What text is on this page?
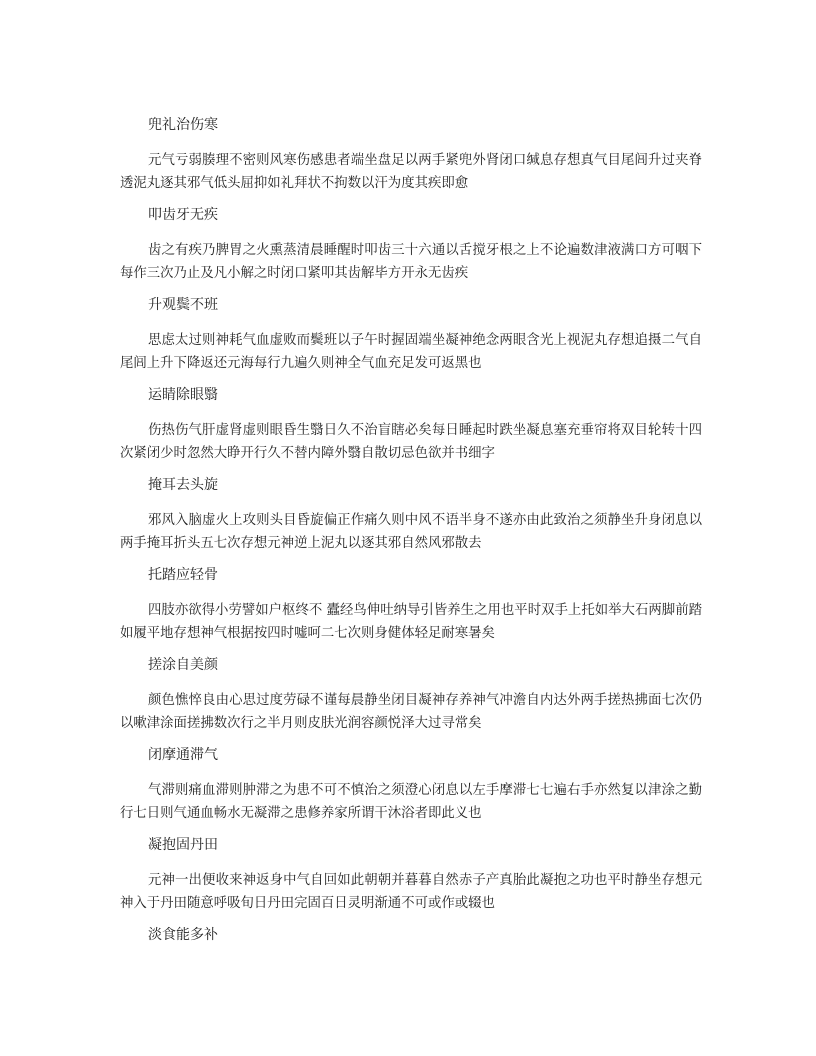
兜礼治伤寒

元气亏弱腠理不密则风寒伤感患者端坐盘足以两手紧兜外肾闭口缄息存想真气目尾闾升过夹脊透泥丸逐其邪气低头屈抑如礼拜状不拘数以汗为度其疾即愈

叩齿牙无疾

齿之有疾乃脾胃之火熏蒸清晨睡醒时叩齿三十六通以舌搅牙根之上不论遍数津液满口方可咽下每作三次乃止及凡小解之时闭口紧叩其齿解毕方开永无齿疾

升观鬓不班

思虑太过则神耗气血虚败而鬓班以子午时握固端坐凝神绝念两眼含光上视泥丸存想追摄二气自尾闾上升下降返还元海每行九遍久则神全气血充足发可返黑也

运睛除眼翳

伤热伤气肝虚肾虚则眼昏生翳日久不治盲瞎必矣每日睡起时跌坐凝息塞充垂帘将双目轮转十四次紧闭少时忽然大睁开行久不替内障外翳自散切忌色欲并书细字

掩耳去头旋

邪风入脑虚火上攻则头目昏旋偏正作痛久则中风不语半身不遂亦由此致治之须静坐升身闭息以两手掩耳折头五七次存想元神逆上泥丸以逐其邪自然风邪散去

托踏应轻骨

四肢亦欲得小劳譬如户枢终不 蠹经鸟伸吐纳导引皆养生之用也平时双手上托如举大石两脚前踏如履平地存想神气根据按四时嘘呵二七次则身健体轻足耐寒暑矣

搓涂自美颜

颜色憔悴良由心思过度劳碌不谨每晨静坐闭目凝神存养神气冲澹自内达外两手搓热拂面七次仍以嗽津涂面搓拂数次行之半月则皮肤光润容颜悦泽大过寻常矣

闭摩通滞气

气滞则痛血滞则肿滞之为患不可不慎治之须澄心闭息以左手摩滞七七遍右手亦然复以津涂之勤行七日则气通血畅水无凝滞之患修养家所谓干沐浴者即此义也

凝抱固丹田

元神一出便收来神返身中气自回如此朝朝并暮暮自然赤子产真胎此凝抱之功也平时静坐存想元神入于丹田随意呼吸旬日丹田完固百日灵明渐通不可或作或辍也

淡食能多补
